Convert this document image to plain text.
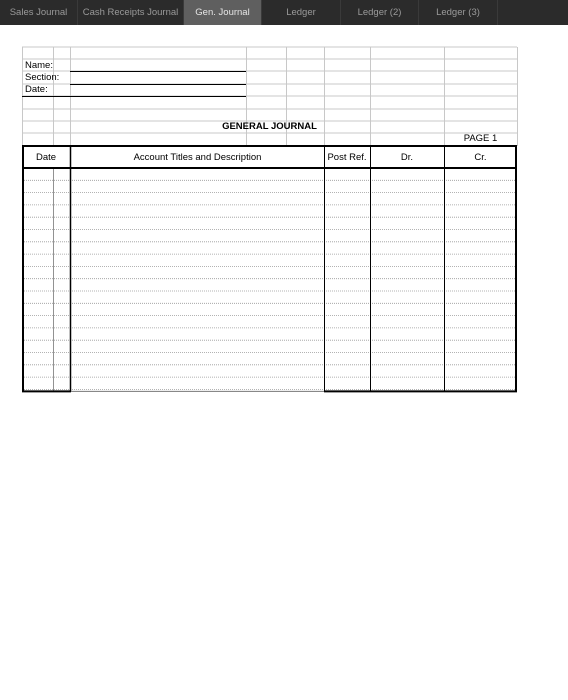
Sales Journal	Cash Receipts Journal	Gen. Journal	Ledger	Ledger (2)	Ledger (3)
Name:
Section:
Date:
GENERAL JOURNAL
PAGE 1
Date	Account Titles and Description	Post Ref.	Dr.	Cr.
